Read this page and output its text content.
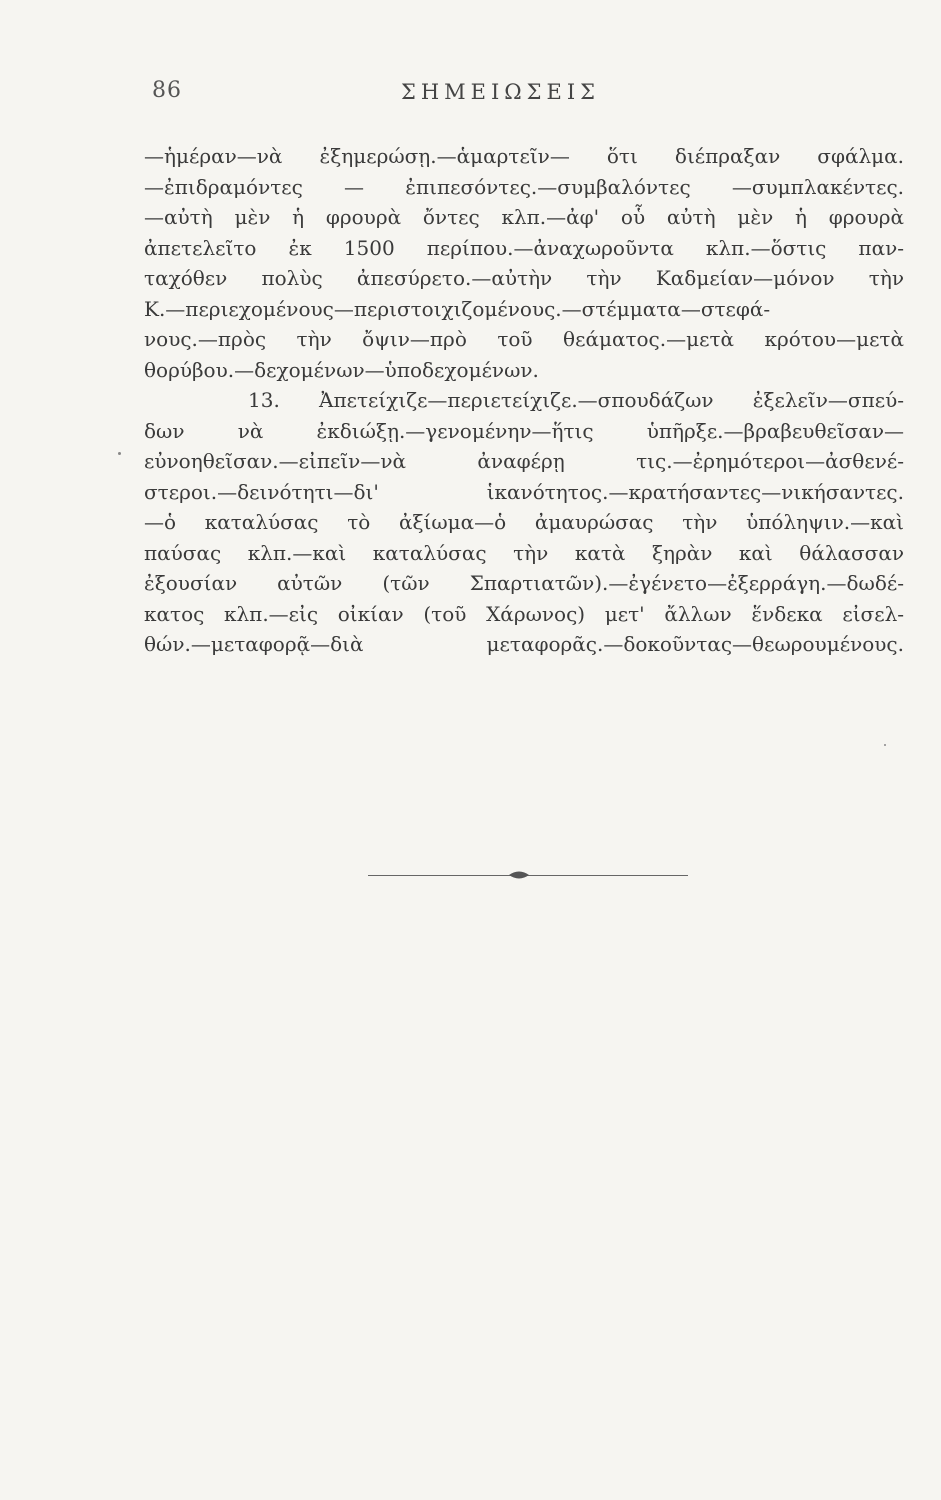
86	ΣΗΜΕΙΩΣΕΙΣ
—ἡμέραν—νὰ ἐξημερώσῃ.—ἁμαρτεῖν— ὅτι διέπραξαν σφάλμα.
—ἐπιδραμόντες — ἐπιπεσόντες.—συμβαλόντες —συμπλακέντες.
—αὐτὴ μὲν ἡ φρουρὰ ὄντες κλπ.—ἀφ' οὗ αὐτὴ μὲν ἡ φρουρὰ
ἀπετελεῖτο ἐκ 1500 περίπου.—ἀναχωροῦντα κλπ.—ὅστις παν-
ταχόθεν πολὺς ἀπεσύρετο.—αὐτὴν τὴν Καδμείαν—μόνον τὴν
Κ.—περιεχομένους—περιστοιχιζομένους.—στέμματα—στεφά-
νους.—πρὸς τὴν ὄψιν—πρὸ τοῦ θεάματος.—μετὰ κρότου—μετὰ
θορύβου.—δεχομένων—ὑποδεχομένων.
13. Ἀπετείχιζε—περιετείχιζε.—σπουδάζων ἐξελεῖν—σπεύ-
δων νὰ ἐκδιώξῃ.—γενομένην—ἥτις ὑπῆρξε.—βραβευθεῖσαν—
εὐνοηθεῖσαν.—εἰπεῖν—νὰ ἀναφέρῃ τις.—ἐρημότεροι—ἀσθενέ-
στεροι.—δεινότητι—δι' ἱκανότητος.—κρατήσαντες—νικήσαντες.
—ὁ καταλύσας τὸ ἀξίωμα—ὁ ἀμαυρώσας τὴν ὑπόληψιν.—καὶ
παύσας κλπ.—καὶ καταλύσας τὴν κατὰ ξηρὰν καὶ θάλασσαν
ἐξουσίαν αὐτῶν (τῶν Σπαρτιατῶν).—ἐγένετο—ἐξερράγη.—δωδέ-
κατος κλπ.—εἰς οἰκίαν (τοῦ Χάρωνος) μετ' ἄλλων ἕνδεκα εἰσελ-
θών.—μεταφορᾷ—διὰ μεταφορᾶς.—δοκοῦντας—θεωρουμένους.
